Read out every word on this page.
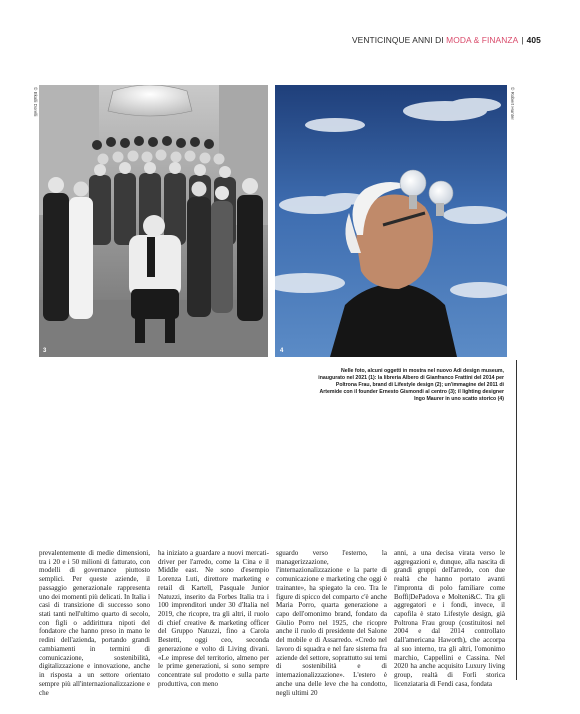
VENTICINQUE ANNI DI MODA & FINANZA | 405
3
© Ekalli Dorelli
4
© Robert Hunter
Nelle foto, alcuni oggetti in mostra nel nuovo Adi design museum, inaugurato nel 2021 (1): la libreria Albero di Gianfranco Frattini del 2014 per Poltrona Frau, brand di Lifestyle design (2); un'immagine del 2011 di Artemide con il founder Ernesto Gismondi al centro (3); il lighting designer Ingo Maurer in uno scatto storico (4)

prevalentemente di medie dimensioni, tra i 20 e i 50 milioni di fatturato, con modelli di governance piuttosto semplici. Per queste aziende, il passaggio generazionale rappresenta uno dei momenti più delicati. In Italia i casi di transizione di successo sono stati tanti nell'ultimo quarto di secolo, con figli o addirittura nipoti del fondatore che hanno preso in mano le redini dell'azienda, portando grandi cambiamenti in termini di comunicazione, sostenibilità, digitalizzazione e innovazione, anche in risposta a un settore orientato sempre più all'internazionalizzazione e che

ha iniziato a guardare a nuovi mercati-driver per l'arredo, come la Cina e il Middle east. Ne sono d'esempio Lorenza Luti, direttore marketing e retail di Kartell, Pasquale Junior Natuzzi, inserito da Forbes Italia tra i 100 imprenditori under 30 d'Italia nel 2019, che ricopre, tra gli altri, il ruolo di chief creative & marketing officer del Gruppo Natuzzi, fino a Carola Bestetti, oggi ceo, seconda generazione e volto di Living divani. «Le imprese del territorio, almeno per le prime generazioni, si sono sempre concentrate sul prodotto e sulla parte produttiva, con meno

sguardo verso l'esterno, la managerizzazione, l'internazionalizzazione e la parte di comunicazione e marketing che oggi è trainante», ha spiegato la ceo. Tra le figure di spicco del comparto c'è anche Maria Porro, quarta generazione a capo dell'omonimo brand, fondato da Giulio Porro nel 1925, che ricopre anche il ruolo di presidente del Salone del mobile e di Assarredo. «Credo nel lavoro di squadra e nel fare sistema fra aziende del settore, soprattutto sui temi di sostenibilità e di internazionalizzazione». L'estero è anche una delle leve che ha condotto, negli ultimi 20

anni, a una decisa virata verso le aggregazioni e, dunque, alla nascita di grandi gruppi dell'arredo, con due realtà che hanno portato avanti l'impronta di polo familiare come Boffi|DePadova e Molteni&C. Tra gli aggregatori e i fondi, invece, il capofila è stato Lifestyle design, già Poltrona Frau group (costituitosi nel 2004 e dal 2014 controllato dall'americana Haworth), che accorpa al suo interno, tra gli altri, l'omonimo marchio, Cappellini e Cassina. Nel 2020 ha anche acquisito Luxury living group, realtà di Forlì storica licenziataria di Fendi casa, fondata
